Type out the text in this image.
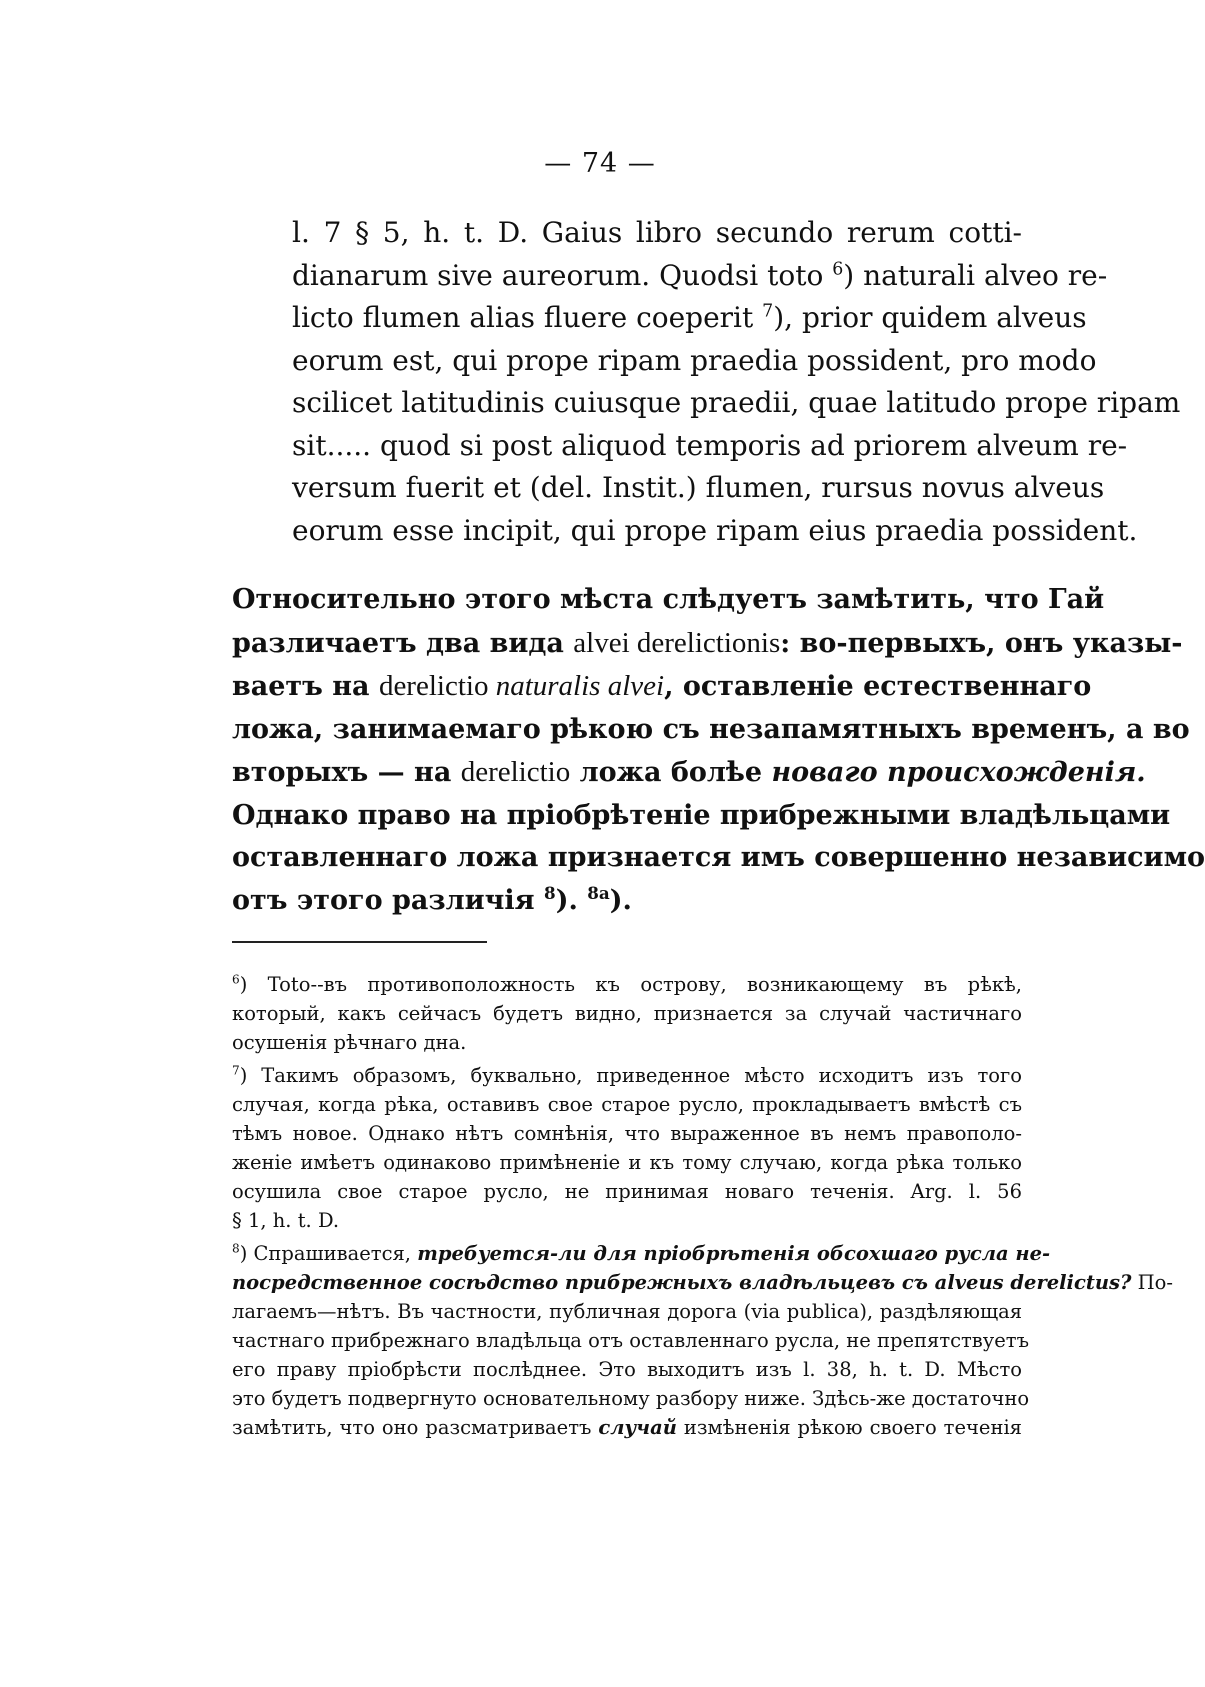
— 74 —
l. 7 § 5, h. t. D. Gaius libro secundo rerum cotti-
dianarum sive aureorum. Quodsi toto $^6$) naturali alveo re-
licto flumen alias fluere coeperit $^7$), prior quidem alveus
eorum est, qui prope ripam praedia possident, pro modo
scilicet latitudinis cuiusque praedii, quae latitudo prope ripam
sit..... quod si post aliquod temporis ad priorem alveum re-
versum fuerit et (del. Instit.) flumen, rursus novus alveus
eorum esse incipit, qui prope ripam eius praedia possident.
Относительно этого мѣста слѣдуетъ замѣтить, что Гай
различаетъ два вида alvei derelictionis: во-первыхъ, онъ указы-
ваетъ на derelictio naturalis alvei, оставленіе естественнаго
ложа, занимаемаго рѣкою съ незапамятныхъ временъ, а во
вторыхъ — на derelictio ложа болѣе новаго происхожденія.
Однако право на пріобрѣтеніе прибрежными владѣльцами
оставленнаго ложа признается имъ совершенно независимо
отъ этого различія $^8$). $^{8a}$).
$^6$) Toto--въ противоположность къ острову, возникающему въ рѣкѣ,
который, какъ сейчасъ будетъ видно, признается за случай частичнаго
осушенія рѣчнаго дна.
$^7$) Такимъ образомъ, буквально, приведенное мѣсто исходитъ изъ того
случая, когда рѣка, оставивъ свое старое русло, прокладываетъ вмѣстѣ съ
тѣмъ новое. Однако нѣтъ сомнѣнія, что выраженное въ немъ правополо-
женіе имѣетъ одинаково примѣненіе и къ тому случаю, когда рѣка только
осушила свое старое русло, не принимая новаго теченія. Arg. l. 56
§ 1, h. t. D.
$^8$) Спрашивается, требуется-ли для пріобрѣтенія обсохшаго русла не-
посредственное сосѣдство прибрежныхъ владѣльцевъ съ alveus derelictus? По-
лагаемъ—нѣтъ. Въ частности, публичная дорога (via publica), раздѣляющая
частнаго прибрежнаго владѣльца отъ оставленнаго русла, не препятствуетъ
его праву пріобрѣсти послѣднее. Это выходитъ изъ l. 38, h. t. D. Мѣсто
это будетъ подвергнуто основательному разбору ниже. Здѣсь-же достаточно
замѣтить, что оно разсматриваетъ случай измѣненія рѣкою своего теченія
